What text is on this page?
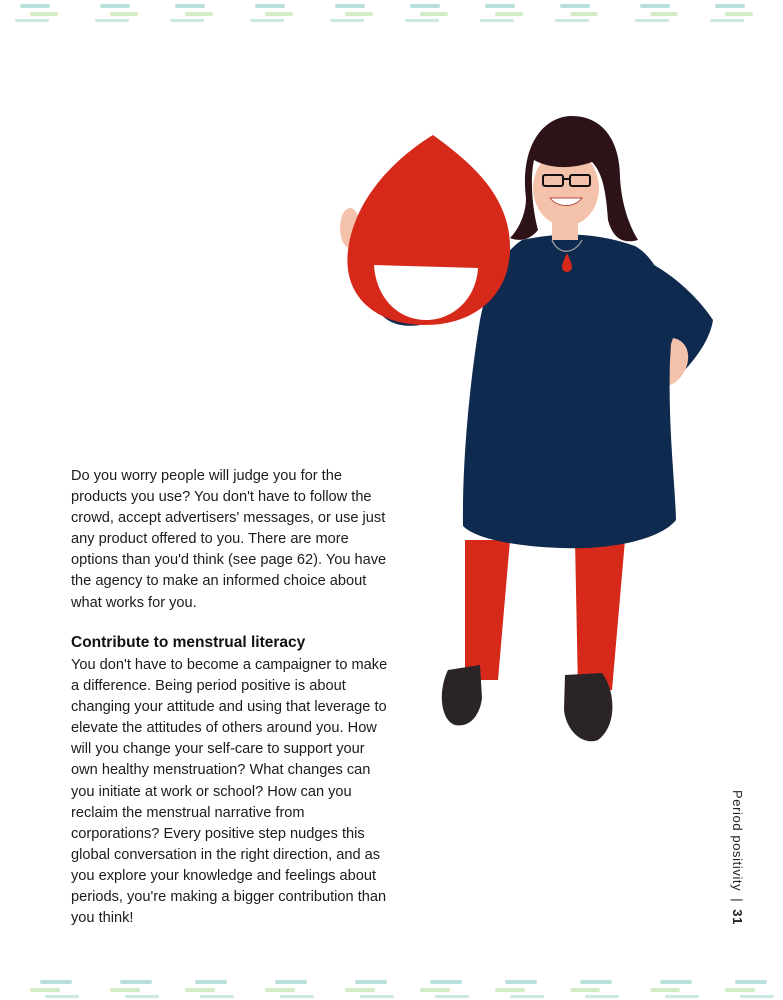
Do you worry people will judge you for the products you use? You don't have to follow the crowd, accept advertisers' messages, or use just any product offered to you. There are more options than you'd think (see page 62). You have the agency to make an informed choice about what works for you.
Contribute to menstrual literacy
You don't have to become a campaigner to make a difference. Being period positive is about changing your attitude and using that leverage to elevate the attitudes of others around you. How will you change your self-care to support your own healthy menstruation? What changes can you initiate at work or school? How can you reclaim the menstrual narrative from corporations? Every positive step nudges this global conversation in the right direction, and as you explore your knowledge and feelings about periods, you're making a bigger contribution than you think!
Period positivity|31
